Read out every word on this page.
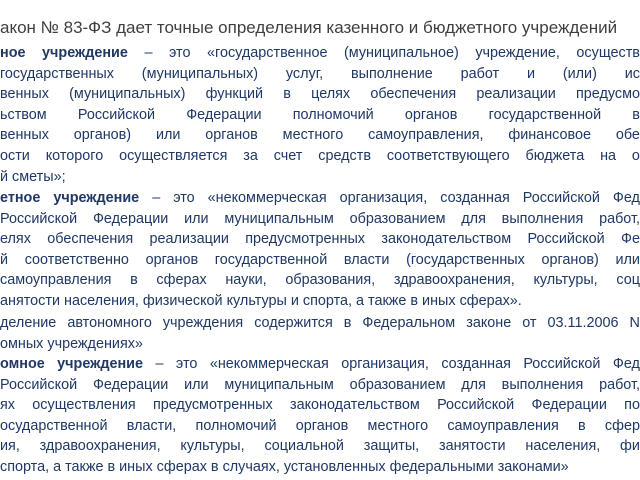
акон № 83-ФЗ дает точные определения казенного и бюджетного учреждений
ное учреждение – это «государственное (муниципальное) учреждение, осуществ
государственных (муниципальных) услуг, выполнение работ и (или) ис
венных (муниципальных) функций в целях обеспечения реализации предусмо
ьством Российской Федерации полномочий органов государственной в
венных органов) или органов местного самоуправления, финансовое обе
ости которого осуществляется за счет средств соответствующего бюджета на о
й сметы»;
етное учреждение – это «некоммерческая организация, созданная Российской Фед
Российской Федерации или муниципальным образованием для выполнения работ,
елях обеспечения реализации предусмотренных законодательством Российской Фе
й соответственно органов государственной власти (государственных органов) или
самоуправления в сферах науки, образования, здравоохранения, культуры, соц
анятости населения, физической культуры и спорта, а также в иных сферах».
деление автономного учреждения содержится в Федеральном законе от 03.11.2006 N
омных учреждениях»
омное учреждение – это «некоммерческая организация, созданная Российской Фед
Российской Федерации или муниципальным образованием для выполнения работ,
ях осуществления предусмотренных законодательством Российской Федерации по
осударственной власти, полномочий органов местного самоуправления в сфер
ия, здравоохранения, культуры, социальной защиты, занятости населения, фи
спорта, а также в иных сферах в случаях, установленных федеральными законами»
